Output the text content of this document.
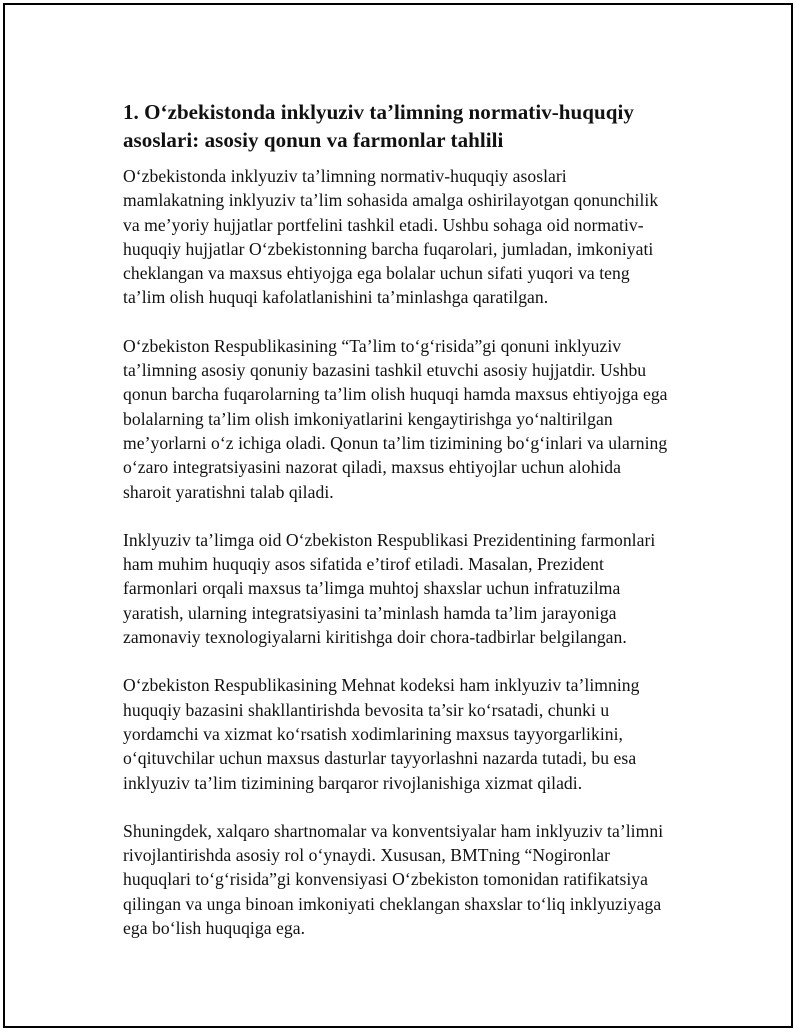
1. O‘zbekistonda inklyuziv ta’limning normativ-huquqiy
asoslari: asosiy qonun va farmonlar tahlili
O‘zbekistonda inklyuziv ta’limning normativ-huquqiy asoslari
mamlakatning inklyuziv ta’lim sohasida amalga oshirilayotgan qonunchilik
va me’yoriy hujjatlar portfelini tashkil etadi. Ushbu sohaga oid normativ-
huquqiy hujjatlar O‘zbekistonning barcha fuqarolari, jumladan, imkoniyati
cheklangan va maxsus ehtiyojga ega bolalar uchun sifati yuqori va teng
ta’lim olish huquqi kafolatlanishini ta’minlashga qaratilgan.
O‘zbekiston Respublikasining “Ta’lim to‘g‘risida”gi qonuni inklyuziv
ta’limning asosiy qonuniy bazasini tashkil etuvchi asosiy hujjatdir. Ushbu
qonun barcha fuqarolarning ta’lim olish huquqi hamda maxsus ehtiyojga ega
bolalarning ta’lim olish imkoniyatlarini kengaytirishga yo‘naltirilgan
me’yorlarni o‘z ichiga oladi. Qonun ta’lim tizimining bo‘g‘inlari va ularning
o‘zaro integratsiyasini nazorat qiladi, maxsus ehtiyojlar uchun alohida
sharoit yaratishni talab qiladi.
Inklyuziv ta’limga oid O‘zbekiston Respublikasi Prezidentining farmonlari
ham muhim huquqiy asos sifatida e’tirof etiladi. Masalan, Prezident
farmonlari orqali maxsus ta’limga muhtoj shaxslar uchun infratuzilma
yaratish, ularning integratsiyasini ta’minlash hamda ta’lim jarayoniga
zamonaviy texnologiyalarni kiritishga doir chora-tadbirlar belgilangan.
O‘zbekiston Respublikasining Mehnat kodeksi ham inklyuziv ta’limning
huquqiy bazasini shakllantirishda bevosita ta’sir ko‘rsatadi, chunki u
yordamchi va xizmat ko‘rsatish xodimlarining maxsus tayyorgarlikini,
o‘qituvchilar uchun maxsus dasturlar tayyorlashni nazarda tutadi, bu esa
inklyuziv ta’lim tizimining barqaror rivojlanishiga xizmat qiladi.
Shuningdek, xalqaro shartnomalar va konventsiyalar ham inklyuziv ta’limni
rivojlantirishda asosiy rol o‘ynaydi. Xususan, BMTning “Nogironlar
huquqlari to‘g‘risida”gi konvensiyasi O‘zbekiston tomonidan ratifikatsiya
qilingan va unga binoan imkoniyati cheklangan shaxslar to‘liq inklyuziyaga
ega bo‘lish huquqiga ega.
